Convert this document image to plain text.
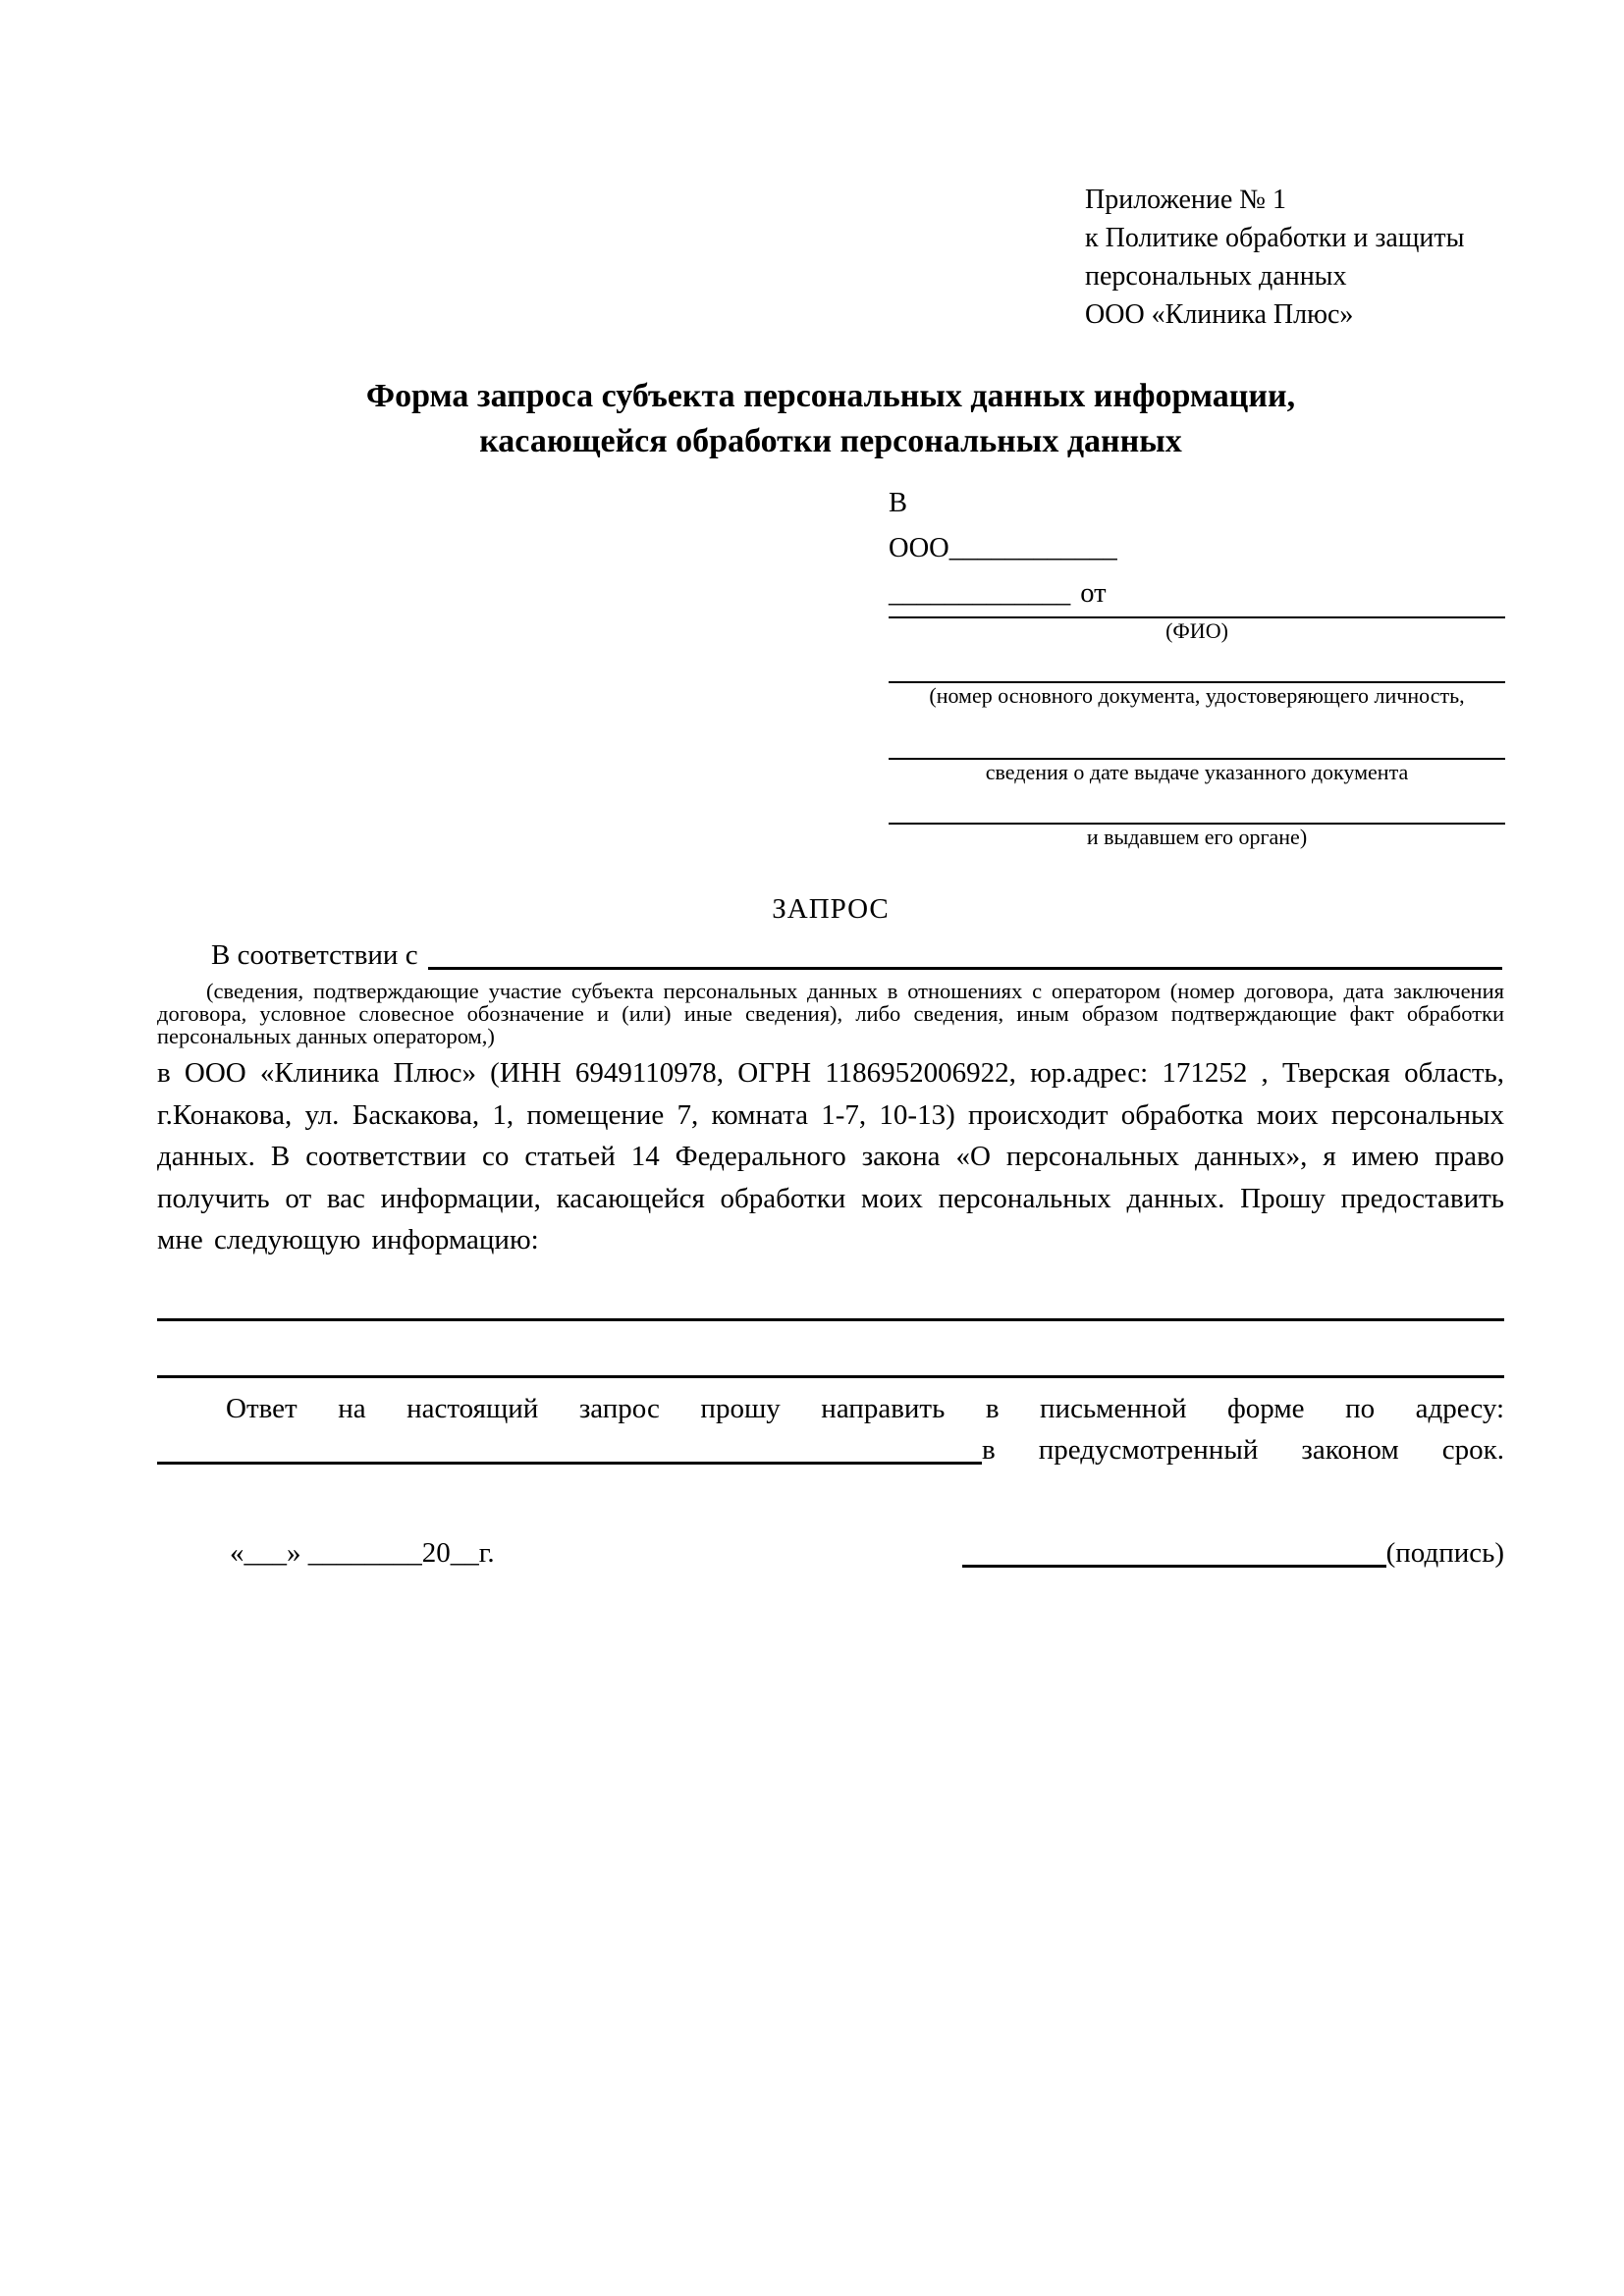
Приложение № 1
к Политике обработки и защиты
персональных данных
ООО «Клиника Плюс»
Форма запроса субъекта персональных данных информации,
касающейся обработки персональных данных
В
ООО____________
_____________ от
(ФИО)
(номер основного документа, удостоверяющего личность,
сведения о дате выдаче указанного документа
и выдавшем его органе)
ЗАПРОС
В соответствии с
(сведения, подтверждающие участие субъекта персональных данных в отношениях с оператором (номер договора, дата заключения договора, условное словесное обозначение и (или) иные сведения), либо сведения, иным образом подтверждающие факт обработки персональных данных оператором,)
в ООО «Клиника Плюс» (ИНН 6949110978, ОГРН 1186952006922, юр.адрес: 171252 , Тверская область, г.Конакова, ул. Баскакова, 1, помещение 7, комната 1-7, 10-13) происходит обработка моих персональных данных. В соответствии со статьей 14 Федерального закона «О персональных данных», я имею право получить от вас информации, касающейся обработки моих персональных данных. Прошу предоставить мне следующую информацию:
Ответ на настоящий запрос прошу направить в письменной форме по адресу:
в предусмотренный законом срок.
«___» ________20__г.	(подпись)
